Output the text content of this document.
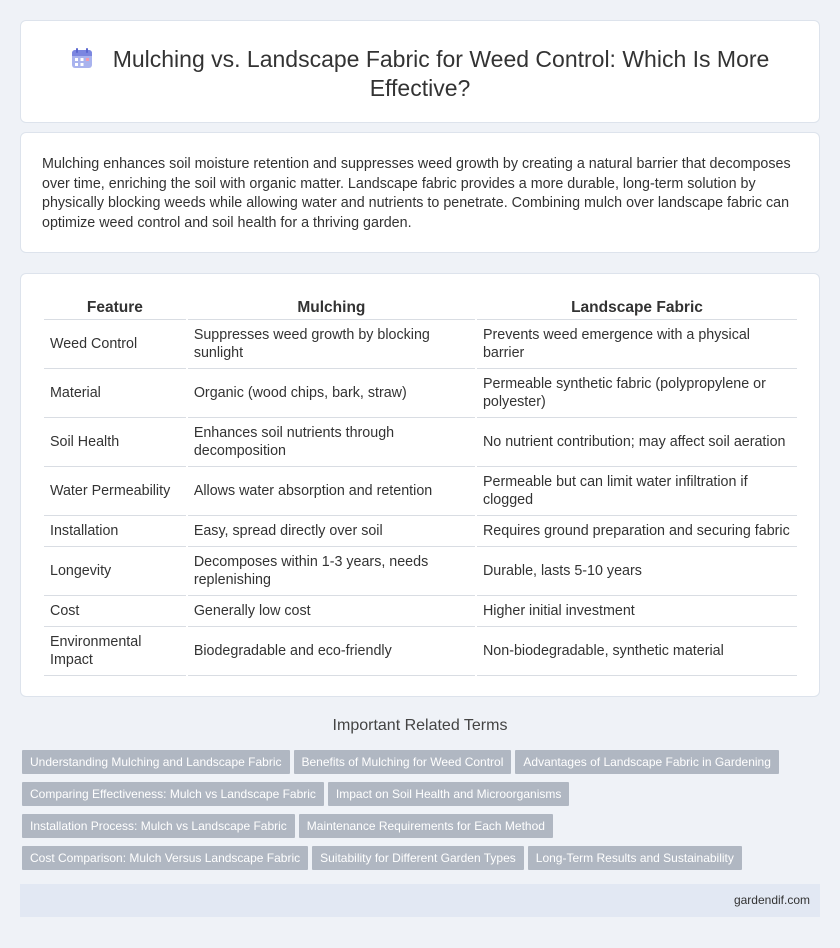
Mulching vs. Landscape Fabric for Weed Control: Which Is More Effective?

Mulching enhances soil moisture retention and suppresses weed growth by creating a natural barrier that decomposes over time, enriching the soil with organic matter. Landscape fabric provides a more durable, long-term solution by physically blocking weeds while allowing water and nutrients to penetrate. Combining mulch over landscape fabric can optimize weed control and soil health for a thriving garden.

Feature	Mulching	Landscape Fabric
Weed Control	Suppresses weed growth by blocking sunlight	Prevents weed emergence with a physical barrier
Material	Organic (wood chips, bark, straw)	Permeable synthetic fabric (polypropylene or polyester)
Soil Health	Enhances soil nutrients through decomposition	No nutrient contribution; may affect soil aeration
Water Permeability	Allows water absorption and retention	Permeable but can limit water infiltration if clogged
Installation	Easy, spread directly over soil	Requires ground preparation and securing fabric
Longevity	Decomposes within 1-3 years, needs replenishing	Durable, lasts 5-10 years
Cost	Generally low cost	Higher initial investment
Environmental Impact	Biodegradable and eco-friendly	Non-biodegradable, synthetic material
Important Related Terms
Understanding Mulching and Landscape Fabric Benefits of Mulching for Weed Control Advantages of Landscape Fabric in Gardening
Comparing Effectiveness: Mulch vs Landscape Fabric Impact on Soil Health and Microorganisms
Installation Process: Mulch vs Landscape Fabric Maintenance Requirements for Each Method
Cost Comparison: Mulch Versus Landscape Fabric Suitability for Different Garden Types Long-Term Results and Sustainability
gardendif.com
